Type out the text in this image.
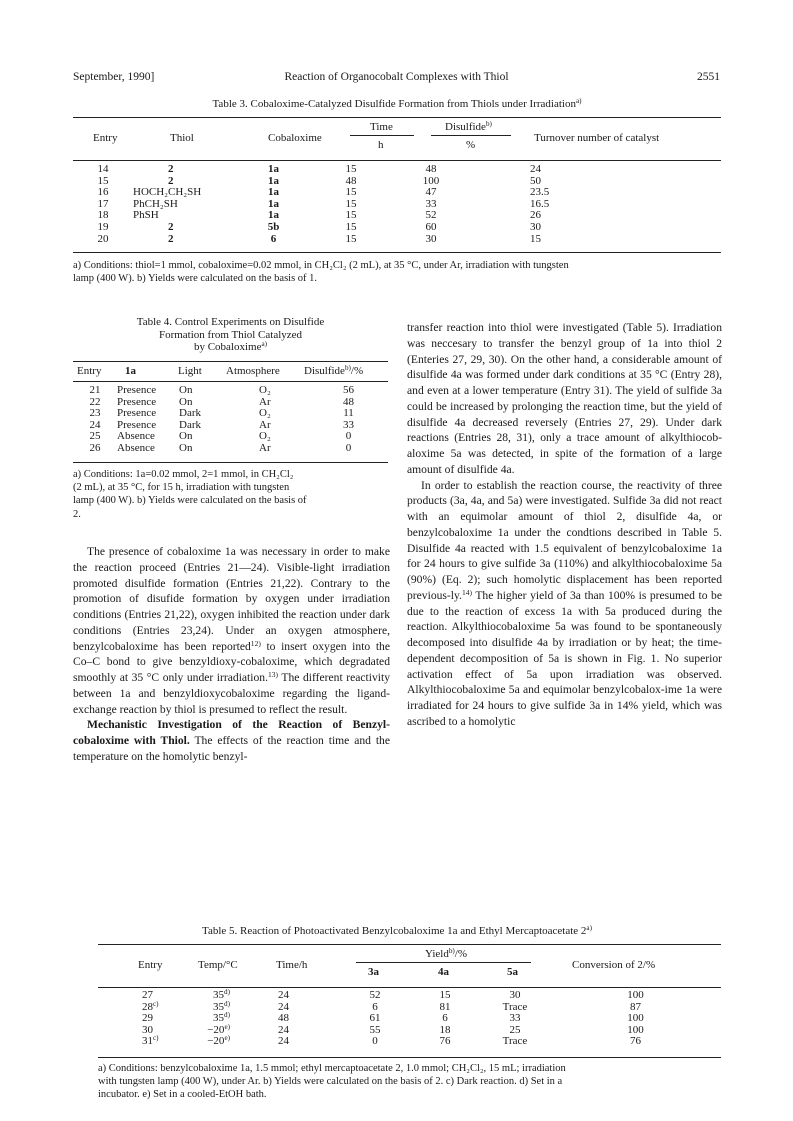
September, 1990]	Reaction of Organocobalt Complexes with Thiol	2551
Table 3. Cobaloxime-Catalyzed Disulfide Formation from Thiols under Irradiation$^{a)}$
Entry	Thiol	Cobaloxime
Time	Disulfide$^{b)}$
h	%
Turnover number of catalyst
14	2	1a	15	48	24
15	2	1a	48	100	50
16	HOCH₂CH₂SH	1a	15	47	23.5
17	PhCH₂SH	1a	15	33	16.5
18	PhSH	1a	15	52	26
19	2	5b	15	60	30
20	2	6	15	30	15
a) Conditions: thiol=1 mmol, cobaloxime=0.02 mmol, in CH₂Cl₂ (2 mL), at 35 °C, under Ar, irradiation with tungsten
lamp (400 W). b) Yields were calculated on the basis of 1.
Table 4. Control Experiments on Disulfide
Formation from Thiol Catalyzed
by Cobaloxime$^{a)}$
Entry 1a	Light Atmosphere Disulfide$^{b)}$/%
21	Presence	On	O₂	56
22	Presence	On	Ar	48
23	Presence	Dark	O₂	11
24	Presence	Dark	Ar	33
25	Absence	On	O₂	0
26	Absence	On	Ar	0
a) Conditions: 1a=0.02 mmol, 2=1 mmol, in CH₂Cl₂
(2 mL), at 35 °C, for 15 h, irradiation with tungsten
lamp (400 W). b) Yields were calculated on the basis of
2.

The presence of cobaloxime 1a was necessary in order to make the reaction proceed (Entries 21—24). Visible-light irradiation promoted disulfide formation (Entries 21,22). Contrary to the promotion of disufide formation by oxygen under irradiation conditions (Entries 21,22), oxygen inhibited the reaction under dark conditions (Entries 23,24). Under an oxygen atmosphere, benzylcobaloxime has been reported$^{12)}$ to insert oxygen into the Co–C bond to give benzyldioxy-cobaloxime, which degradated smoothly at 35 °C only under irradiation.$^{13)}$ The different reactivity between 1a and benzyldioxycobaloxime regarding the ligand-exchange reaction by thiol is presumed to reflect the result.

Mechanistic Investigation of the Reaction of Benzyl-cobaloxime with Thiol. The effects of the reaction time and the temperature on the homolytic benzyl-

transfer reaction into thiol were investigated (Table 5). Irradiation was neccesary to transfer the benzyl group of 1a into thiol 2 (Enteries 27, 29, 30). On the other hand, a considerable amount of disulfide 4a was formed under dark conditions at 35 °C (Entry 28), and even at a lower temperature (Entry 31). The yield of sulfide 3a could be increased by prolonging the reaction time, but the yield of disulfide 4a decreased reversely (Entries 27, 29). Under dark reactions (Entries 28, 31), only a trace amount of alkylthiocob-aloxime 5a was detected, in spite of the formation of a large amount of disulfide 4a.

In order to establish the reaction course, the reactivity of three products (3a, 4a, and 5a) were investigated. Sulfide 3a did not react with an equimolar amount of thiol 2, disulfide 4a, or benzylcobaloxime 1a under the condtions described in Table 5. Disulfide 4a reacted with 1.5 equivalent of benzylcobaloxime 1a for 24 hours to give sulfide 3a (110%) and alkylthiocobaloxime 5a (90%) (Eq. 2); such homolytic displacement has been reported previous-ly.$^{14)}$ The higher yield of 3a than 100% is presumed to be due to the reaction of excess 1a with 5a produced during the reaction. Alkylthiocobaloxime 5a was found to be spontaneously decomposed into disulfide 4a by irradiation or by heat; the time-dependent decomposition of 5a is shown in Fig. 1. No superior activation effect of 5a upon irradiation was observed. Alkylthiocobaloxime 5a and equimolar benzylcobalox-ime 1a were irradiated for 24 hours to give sulfide 3a in 14% yield, which was ascribed to a homolytic

Table 5. Reaction of Photoactivated Benzylcobaloxime 1a and Ethyl Mercaptoacetate 2$^{a)}$
Entry	Temp/°C	Time/h
Yield$^{b)}$/%
3a	4a	5a
Conversion of 2/%
27	35$^{d)}$	24	52	15	30	100
28$^{c)}$	35$^{d)}$	24	6	81	Trace	87
29	35$^{d)}$	48	61	6	33	100
30	$-20^{e)}$	24	55	18	25	100
$31^{c)}$	$-20^{e)}$	24	0	76	Trace	76
a) Conditions: benzylcobaloxime 1a, 1.5 mmol; ethyl mercaptoacetate 2, 1.0 mmol; CH₂Cl₂, 15 mL; irradiation
with tungsten lamp (400 W), under Ar. b) Yields were calculated on the basis of 2. c) Dark reaction. d) Set in a
incubator. e) Set in a cooled-EtOH bath.
